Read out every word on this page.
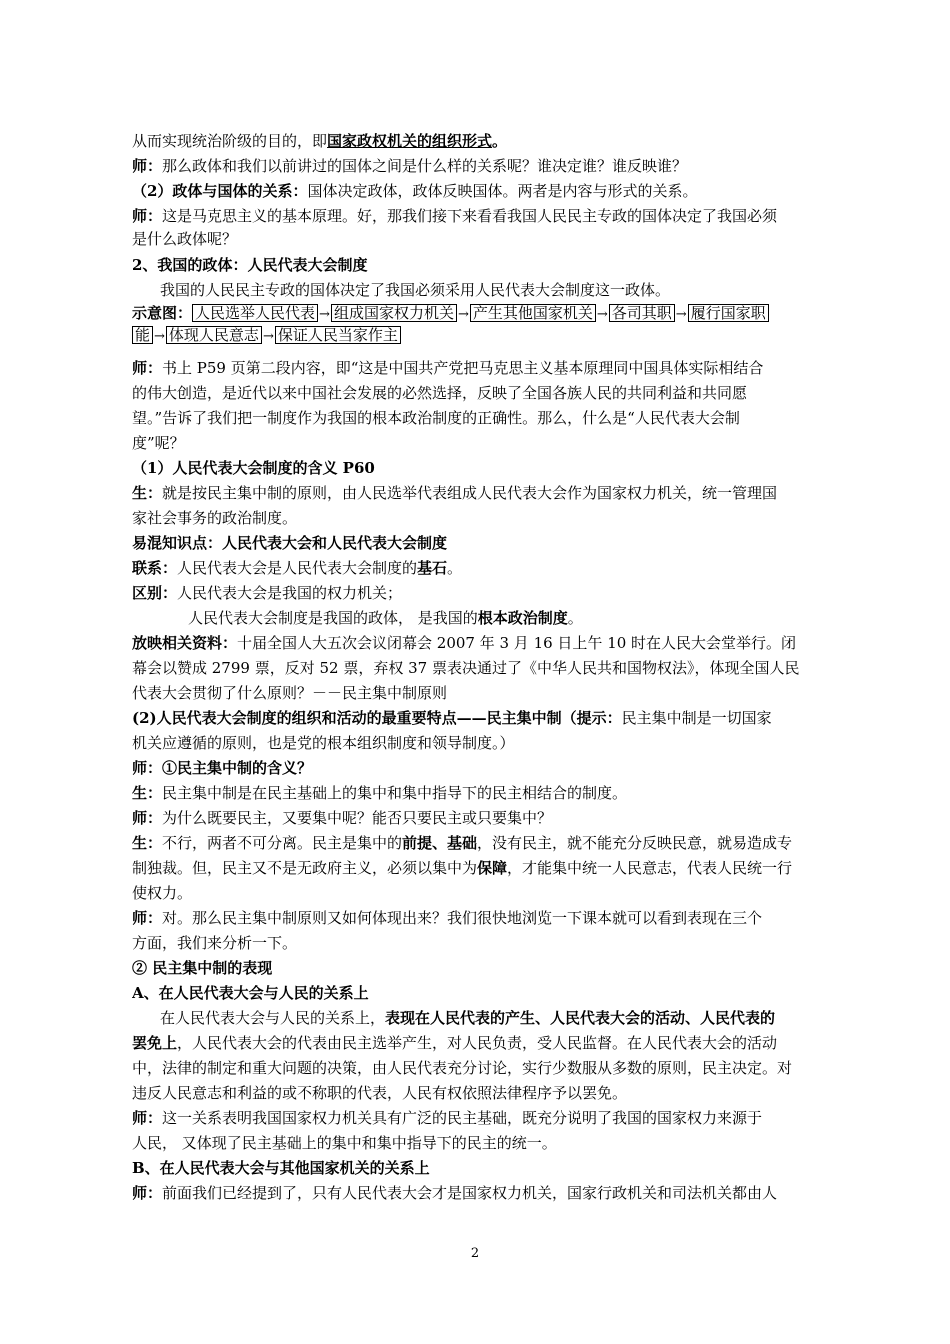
从而实现统治阶级的目的，即国家政权机关的组织形式。
师：那么政体和我们以前讲过的国体之间是什么样的关系呢？谁决定谁？谁反映谁？
（2）政体与国体的关系：国体决定政体，政体反映国体。两者是内容与形式的关系。
师：这是马克思主义的基本原理。好，那我们接下来看看我国人民民主专政的国体决定了我国必须
是什么政体呢？
2、我国的政体：人民代表大会制度
我国的人民民主专政的国体决定了我国必须采用人民代表大会制度这一政体。
示意图： 人民选举人民代表 → 组成国家权力机关 → 产生其他国家机关 → 各司其职 → 履行国家职
能 → 体现人民意志 → 保证人民当家作主
师：书上 P59 页第二段内容，即“这是中国共产党把马克思主义基本原理同中国具体实际相结合
的伟大创造，是近代以来中国社会发展的必然选择，反映了全国各族人民的共同利益和共同愿
望。”告诉了我们把一制度作为我国的根本政治制度的正确性。那么，什么是“人民代表大会制
度”呢？
（1）人民代表大会制度的含义 P60
生：就是按民主集中制的原则，由人民选举代表组成人民代表大会作为国家权力机关，统一管理国
家社会事务的政治制度。
易混知识点：人民代表大会和人民代表大会制度
联系：人民代表大会是人民代表大会制度的基石。
区别：人民代表大会是我国的权力机关；
人民代表大会制度是我国的政体， 是我国的根本政治制度。
放映相关资料：十届全国人大五次会议闭幕会 2007 年 3 月 16 日上午 10 时在人民大会堂举行。闭
幕会以赞成 2799 票，反对 52 票，弃权 37 票表决通过了《中华人民共和国物权法》，体现全国人民
代表大会贯彻了什么原则？－－民主集中制原则
(2)人民代表大会制度的组织和活动的最重要特点——民主集中制（提示：民主集中制是一切国家
机关应遵循的原则，也是党的根本组织制度和领导制度。）
师：①民主集中制的含义？
生：民主集中制是在民主基础上的集中和集中指导下的民主相结合的制度。
师：为什么既要民主，又要集中呢？能否只要民主或只要集中？
生：不行，两者不可分离。民主是集中的前提、基础，没有民主，就不能充分反映民意，就易造成专
制独裁。但，民主又不是无政府主义，必须以集中为保障，才能集中统一人民意志，代表人民统一行
使权力。
师：对。那么民主集中制原则又如何体现出来？我们很快地浏览一下课本就可以看到表现在三个
方面，我们来分析一下。
② 民主集中制的表现
A、在人民代表大会与人民的关系上
在人民代表大会与人民的关系上，表现在人民代表的产生、人民代表大会的活动、人民代表的
罢免上，人民代表大会的代表由民主选举产生，对人民负责，受人民监督。在人民代表大会的活动
中，法律的制定和重大问题的决策，由人民代表充分讨论，实行少数服从多数的原则，民主决定。对
违反人民意志和利益的或不称职的代表，人民有权依照法律程序予以罢免。
师：这一关系表明我国国家权力机关具有广泛的民主基础，既充分说明了我国的国家权力来源于
人民， 又体现了民主基础上的集中和集中指导下的民主的统一。
B、在人民代表大会与其他国家机关的关系上
师：前面我们已经提到了，只有人民代表大会才是国家权力机关，国家行政机关和司法机关都由人
2
